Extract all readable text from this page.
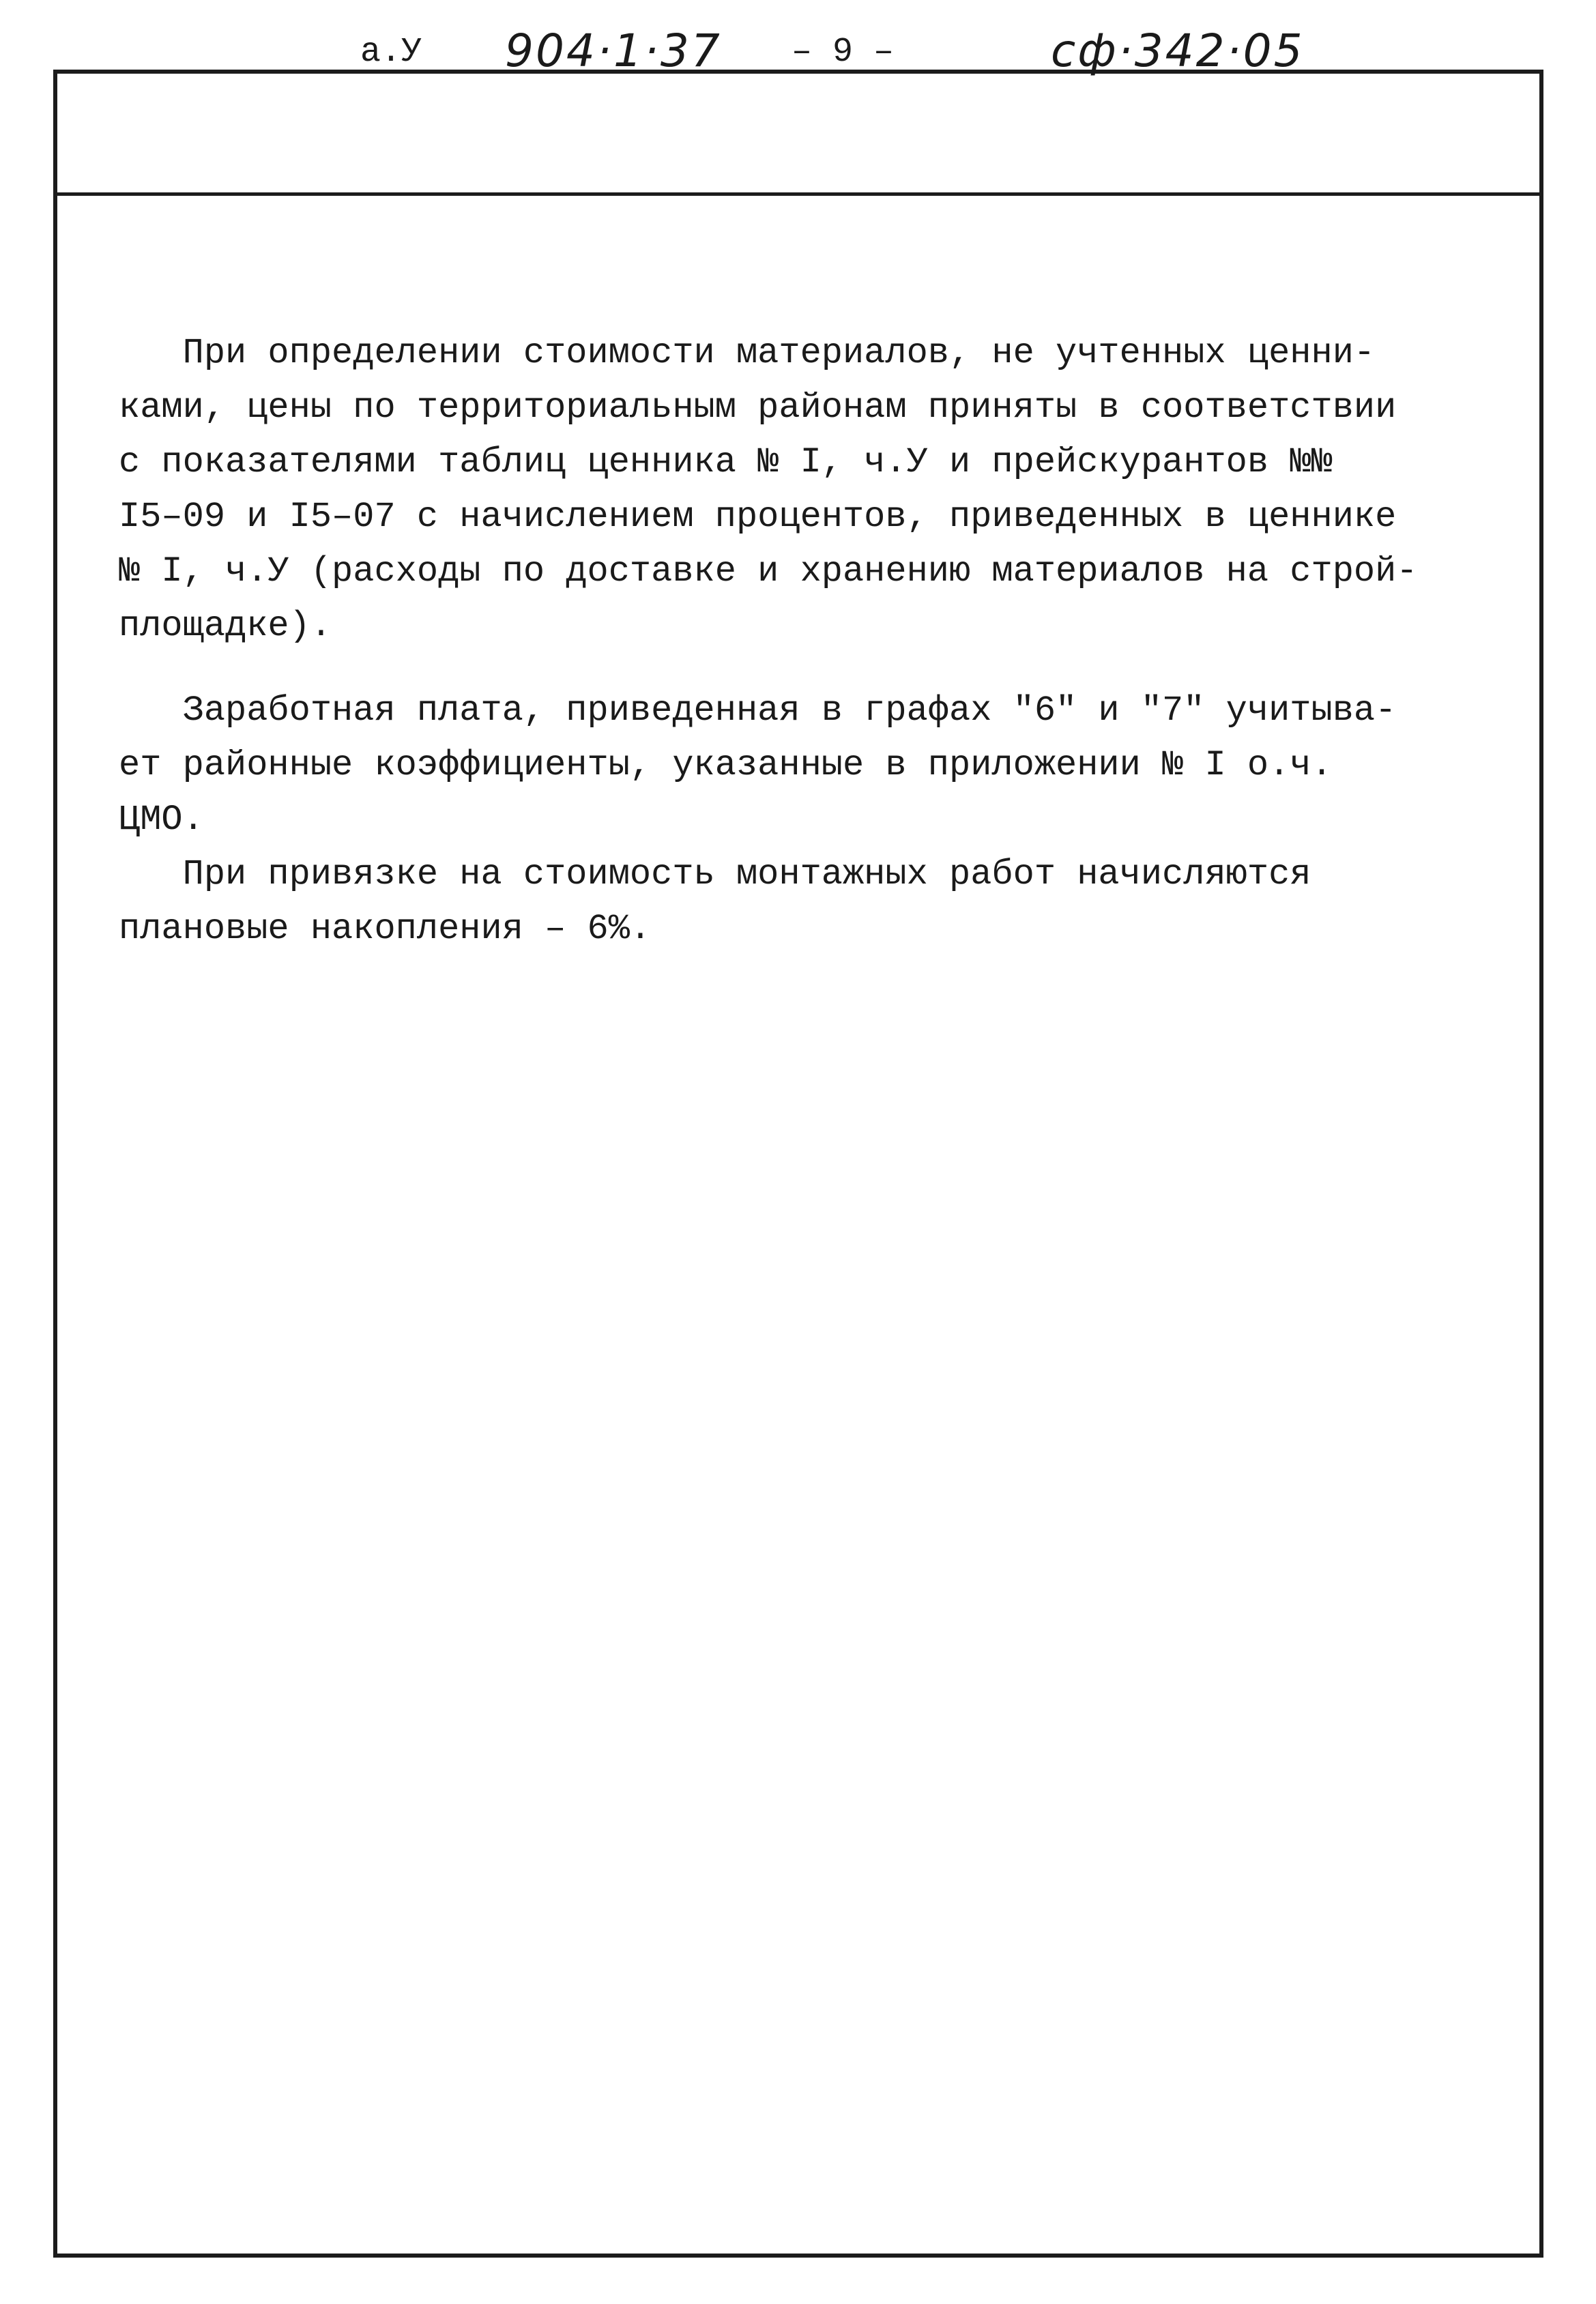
а.У 904·1·37 – 9 –	сф·342·05
При определении стоимости материалов, не учтенных ценни-
ками, цены по территориальным районам приняты в соответствии
с показателями таблиц ценника № I, ч.У и прейскурантов №№
I5–09 и I5–07 с начислением процентов, приведенных в ценнике
№ I, ч.У (расходы по доставке и хранению материалов на строй-
площадке).
Заработная плата, приведенная в графах "6" и "7" учитыва-
ет районные коэффициенты, указанные в приложении № I о.ч.
ЦМО.
При привязке на стоимость монтажных работ начисляются
плановые накопления – 6%.
